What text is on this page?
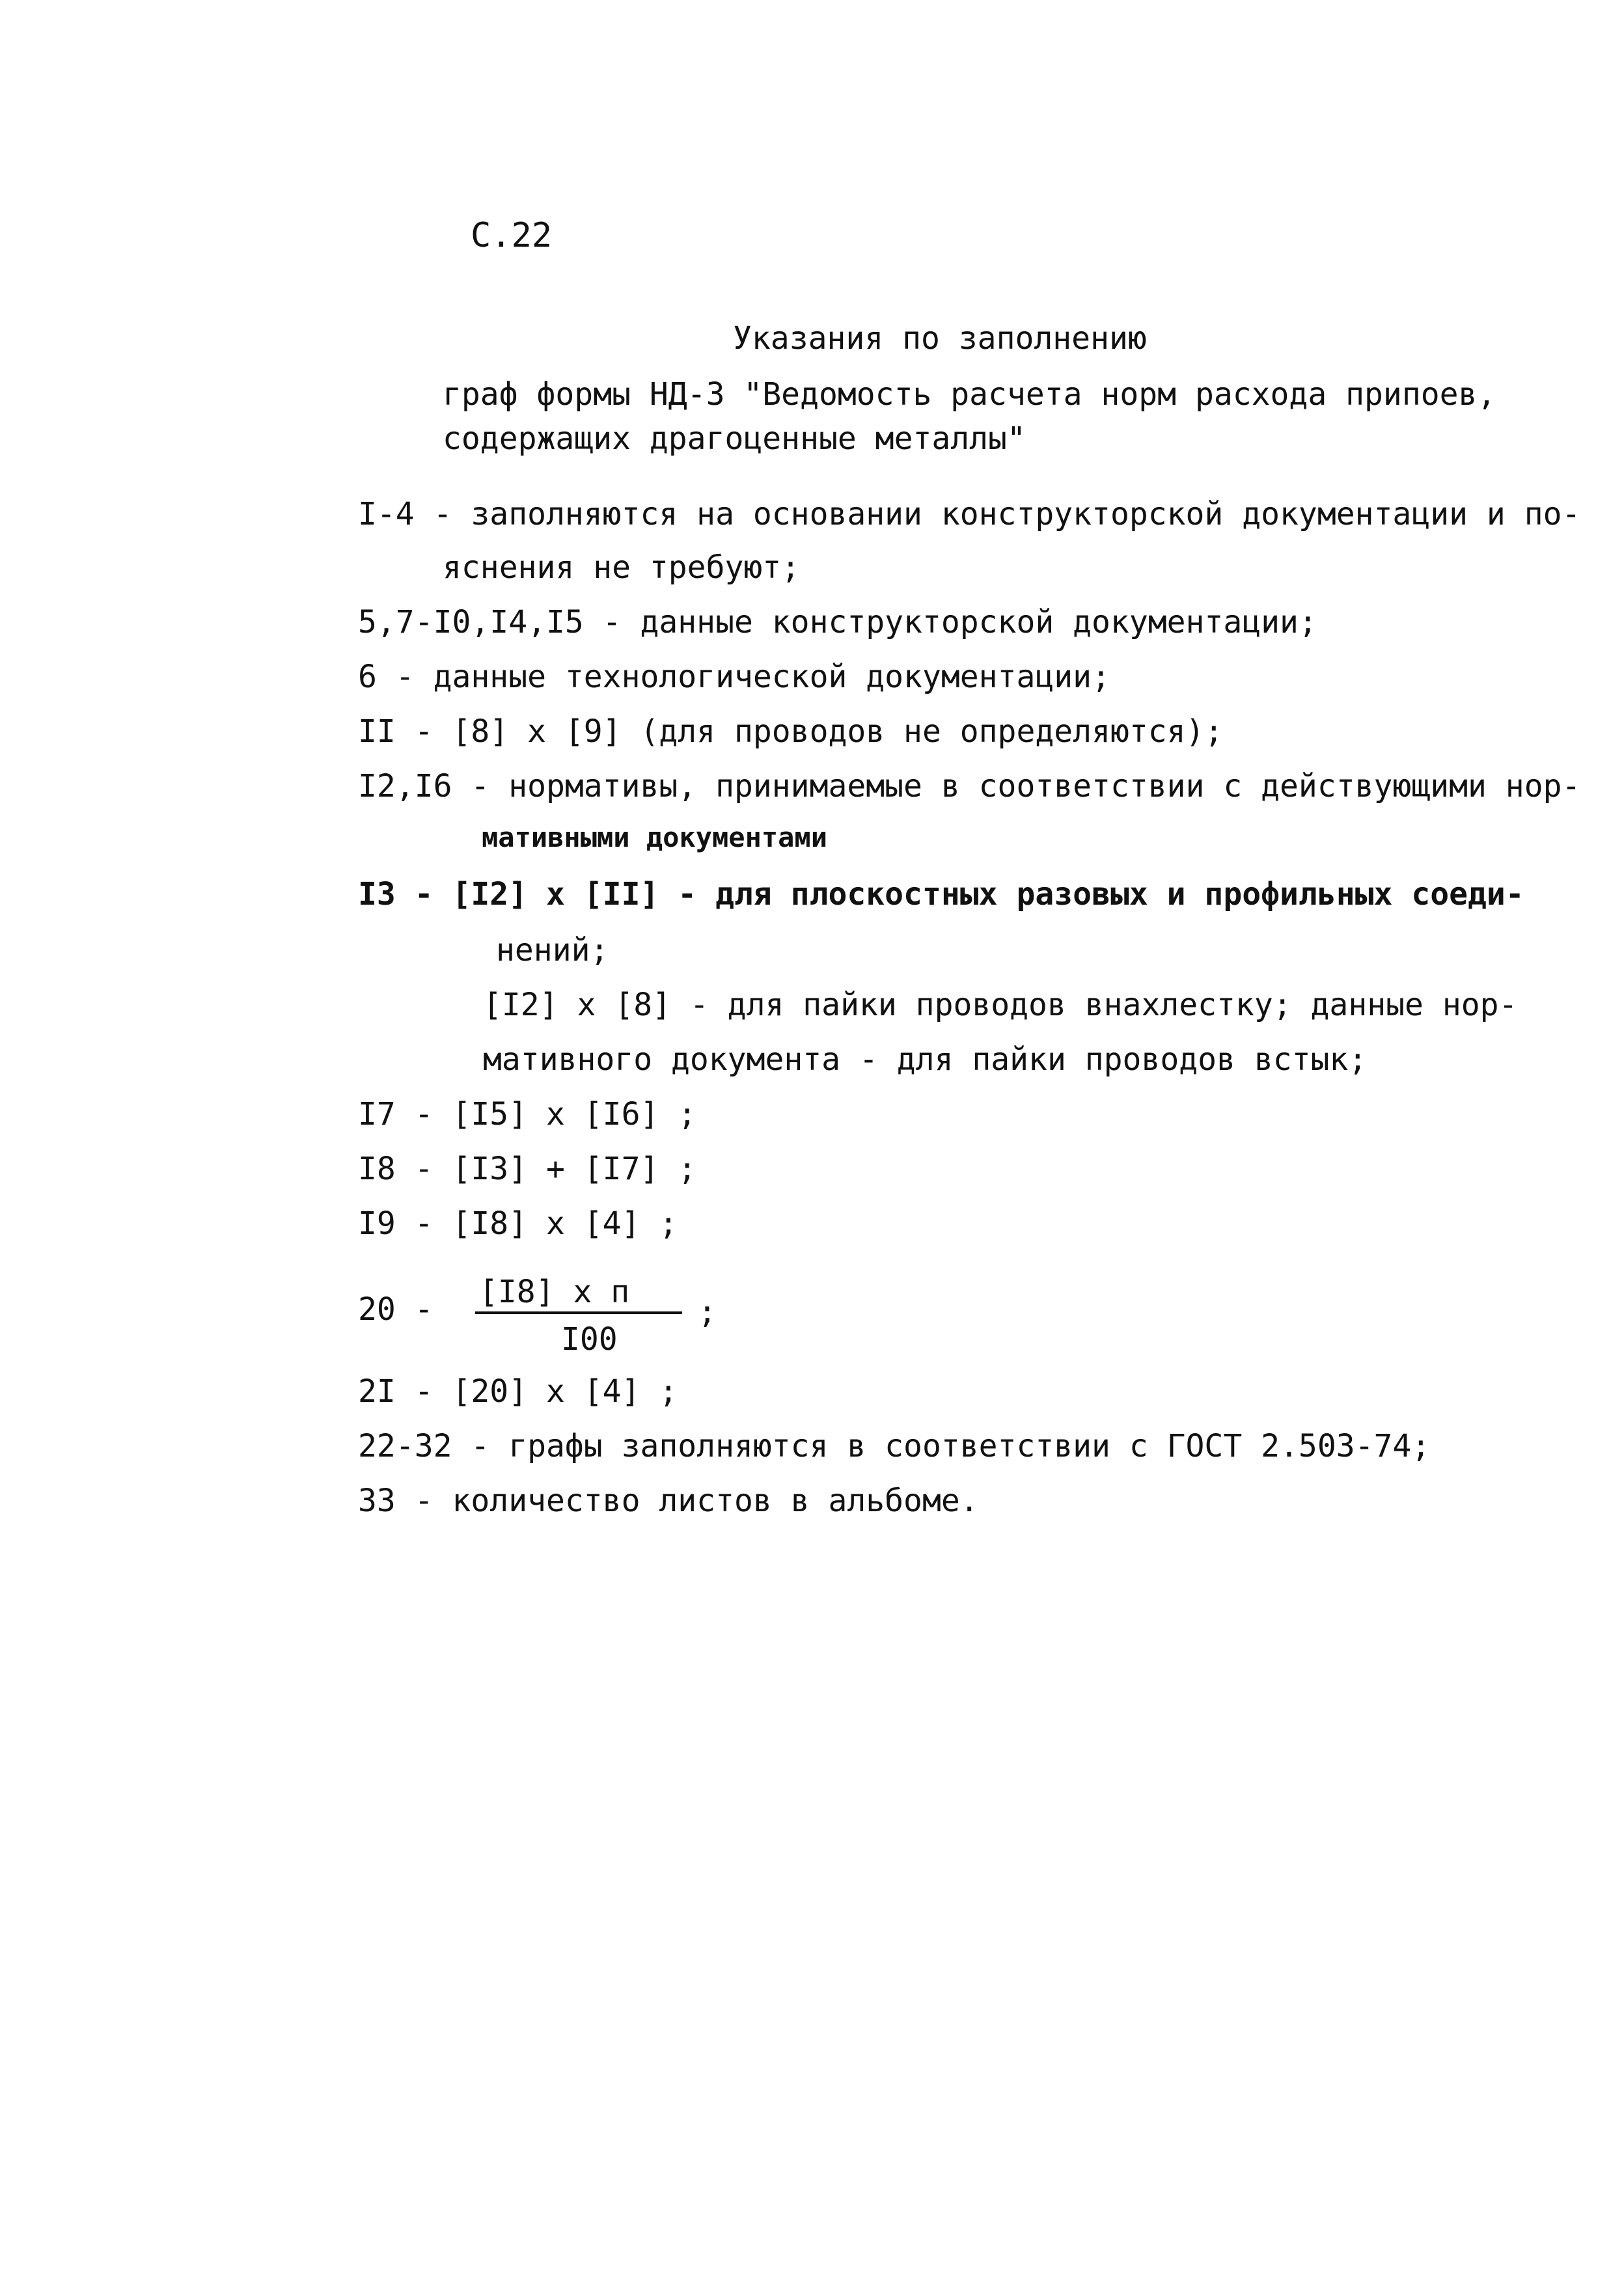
С.22
Указания по заполнению
граф формы НД-3 "Ведомость расчета норм расхода припоев,
содержащих драгоценные металлы"
I-4 - заполняются на основании конструкторской документации и по-
яснения не требуют;
5,7-I0,I4,I5 - данные конструкторской документации;
6 - данные технологической документации;
II - [8] x [9] (для проводов не определяются);
I2,I6 - нормативы, принимаемые в соответствии с действующими нор-
мативными документами
I3 - [I2] x [II] - для плоскостных разовых и профильных соеди-
нений;
[I2] x [8] - для пайки проводов внахлестку; данные нор-
мативного документа - для пайки проводов встык;
I7 - [I5] x [I6] ;
I8 - [I3] + [I7] ;
I9 - [I8] x [4] ;
20 - [I8] x п
I00
;
2I - [20] x [4] ;
22-32 - графы заполняются в соответствии с ГОСТ 2.503-74;
33 - количество листов в альбоме.
